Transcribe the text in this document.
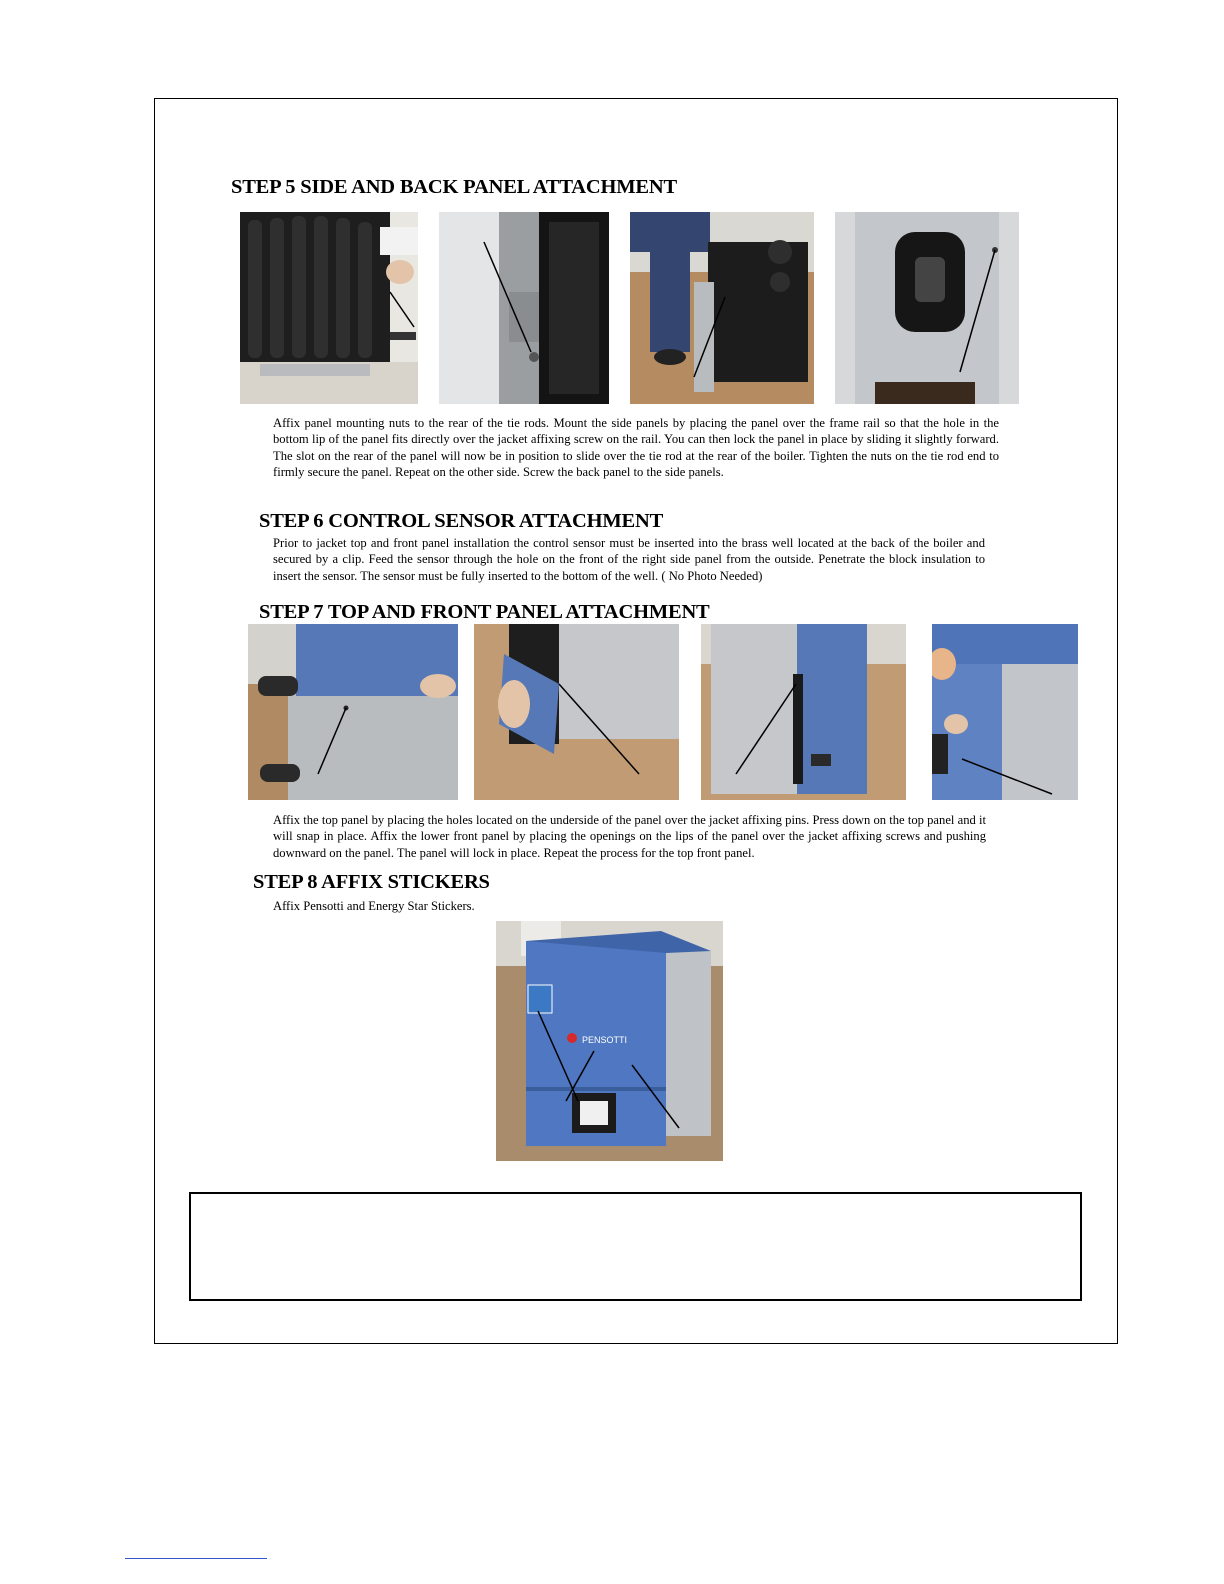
STEP 5 SIDE AND BACK PANEL ATTACHMENT

Affix panel mounting nuts to the rear of the tie rods. Mount the side panels by placing the panel over the frame rail so that the hole in the bottom lip of the panel fits directly over the jacket affixing screw on the rail. You can then lock the panel in place by sliding it slightly forward. The slot on the rear of the panel will now be in position to slide over the tie rod at the rear of the boiler. Tighten the nuts on the tie rod end to firmly secure the panel. Repeat on the other side. Screw the back panel to the side panels.

STEP 6 CONTROL SENSOR ATTACHMENT

Prior to jacket top and front panel installation the control sensor must be inserted into the brass well located at the back of the boiler and secured by a clip. Feed the sensor through the hole on the front of the right side panel from the outside. Penetrate the block insulation to insert the sensor. The sensor must be fully inserted to the bottom of the well. ( No Photo Needed)

STEP 7 TOP AND FRONT PANEL ATTACHMENT

Affix the top panel by placing the holes located on the underside of the panel over the jacket affixing pins. Press down on the top panel and it will snap in place. Affix the lower front panel by placing the openings on the lips of the panel over the jacket affixing screws and pushing downward on the panel. The panel will lock in place. Repeat the process for the top front panel.

STEP 8 AFFIX STICKERS

Affix Pensotti and Energy Star Stickers.

PENSOTTI
